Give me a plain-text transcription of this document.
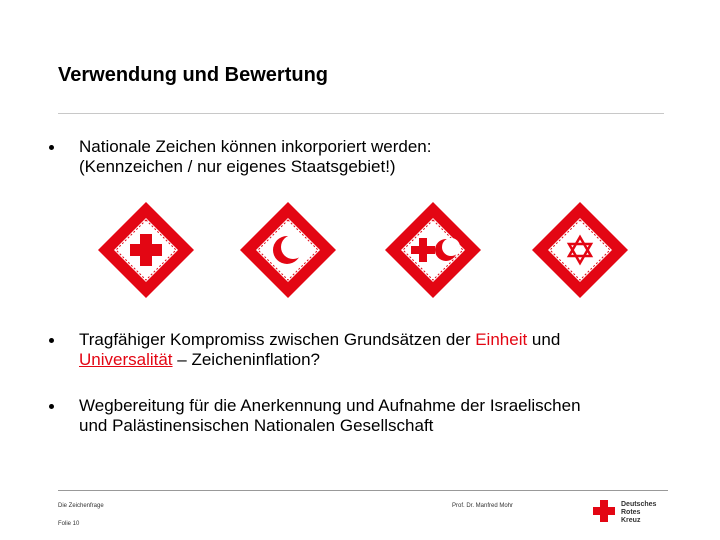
Verwendung und Bewertung
Nationale Zeichen können inkorporiert werden:
(Kennzeichen / nur eigenes Staatsgebiet!)
Tragfähiger Kompromiss zwischen Grundsätzen der Einheit und
Universalität – Zeicheninflation?
Wegbereitung für die Anerkennung und Aufnahme der Israelischen
und Palästinensischen Nationalen Gesellschaft
Die Zeichenfrage
Folie 10
Prof. Dr. Manfred Mohr	Deutsches
Rotes
Kreuz
